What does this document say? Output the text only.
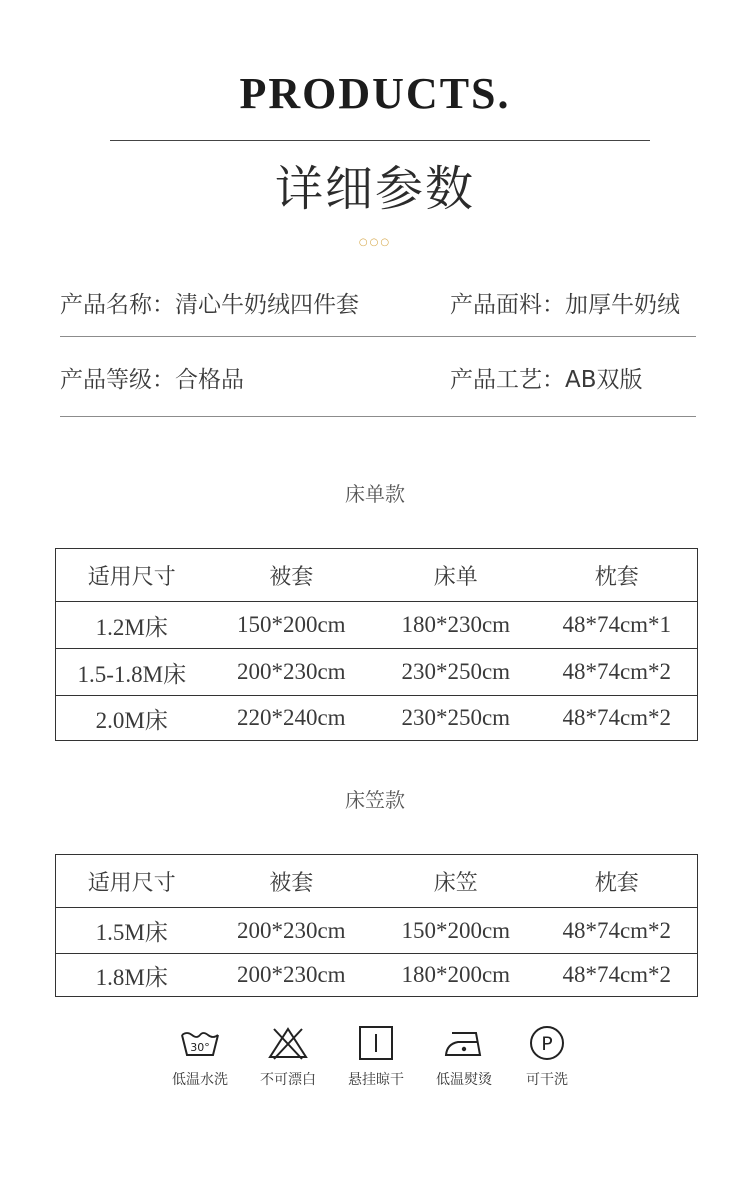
PRODUCTS.
详细参数
○○○
产品名称：清心牛奶绒四件套	产品面料：加厚牛奶绒
产品等级：合格品	产品工艺：AB双版
床单款
适用尺寸	被套	床单	枕套
1.2M床	150*200cm	180*230cm	48*74cm*1
1.5-1.8M床	200*230cm	230*250cm	48*74cm*2
2.0M床	220*240cm	230*250cm	48*74cm*2
床笠款
适用尺寸	被套	床笠	枕套
1.5M床	200*230cm	150*200cm	48*74cm*2
1.8M床	200*230cm	180*200cm	48*74cm*2
30°
低温水洗	不可漂白	悬挂晾干	低温熨烫
P
可干洗
